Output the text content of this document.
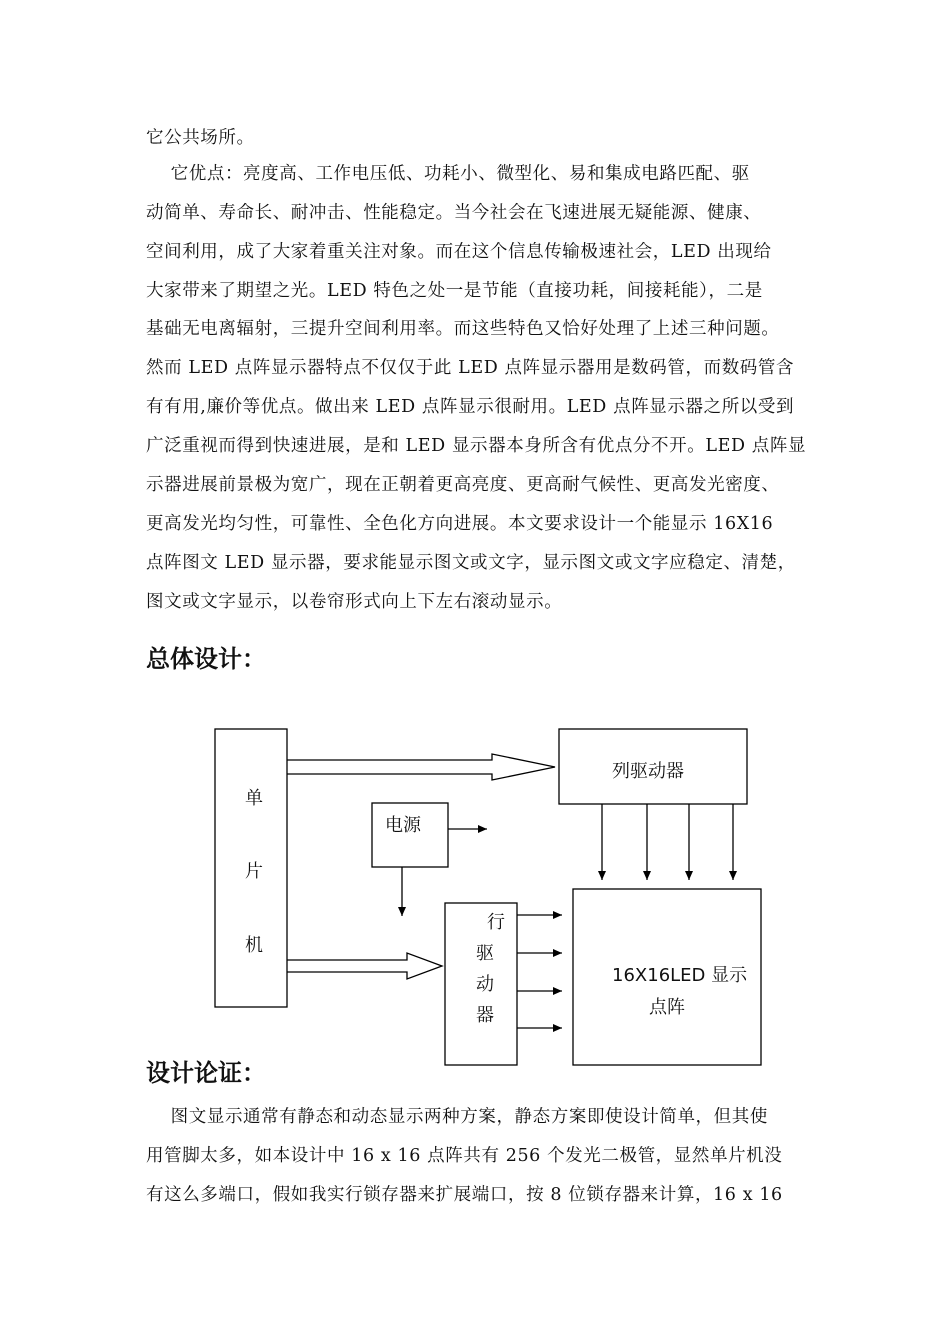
它公共场所。
它优点：亮度高、工作电压低、功耗小、微型化、易和集成电路匹配、驱
动简单、寿命长、耐冲击、性能稳定。当今社会在飞速进展无疑能源、健康、
空间利用，成了大家着重关注对象。而在这个信息传输极速社会，LED 出现给
大家带来了期望之光。LED 特色之处一是节能（直接功耗，间接耗能），二是
基础无电离辐射，三提升空间利用率。而这些特色又恰好处理了上述三种问题。
然而 LED 点阵显示器特点不仅仅于此 LED 点阵显示器用是数码管，而数码管含
有有用,廉价等优点。做出来 LED 点阵显示很耐用。LED 点阵显示器之所以受到
广泛重视而得到快速进展，是和 LED 显示器本身所含有优点分不开。LED 点阵显
示器进展前景极为宽广，现在正朝着更高亮度、更高耐气候性、更高发光密度、
更高发光均匀性，可靠性、全色化方向进展。本文要求设计一个能显示 16X16
点阵图文 LED 显示器，要求能显示图文或文字，显示图文或文字应稳定、清楚，
图文或文字显示，以卷帘形式向上下左右滚动显示。
总体设计：
单
片
机
列驱动器
电源
行
驱
动
器
16X16LED 显示
点阵
设计论证：
图文显示通常有静态和动态显示两种方案，静态方案即使设计简单，但其使
用管脚太多，如本设计中 16 x 16 点阵共有 256 个发光二极管，显然单片机没
有这么多端口，假如我实行锁存器来扩展端口，按 8 位锁存器来计算，16 x 16
